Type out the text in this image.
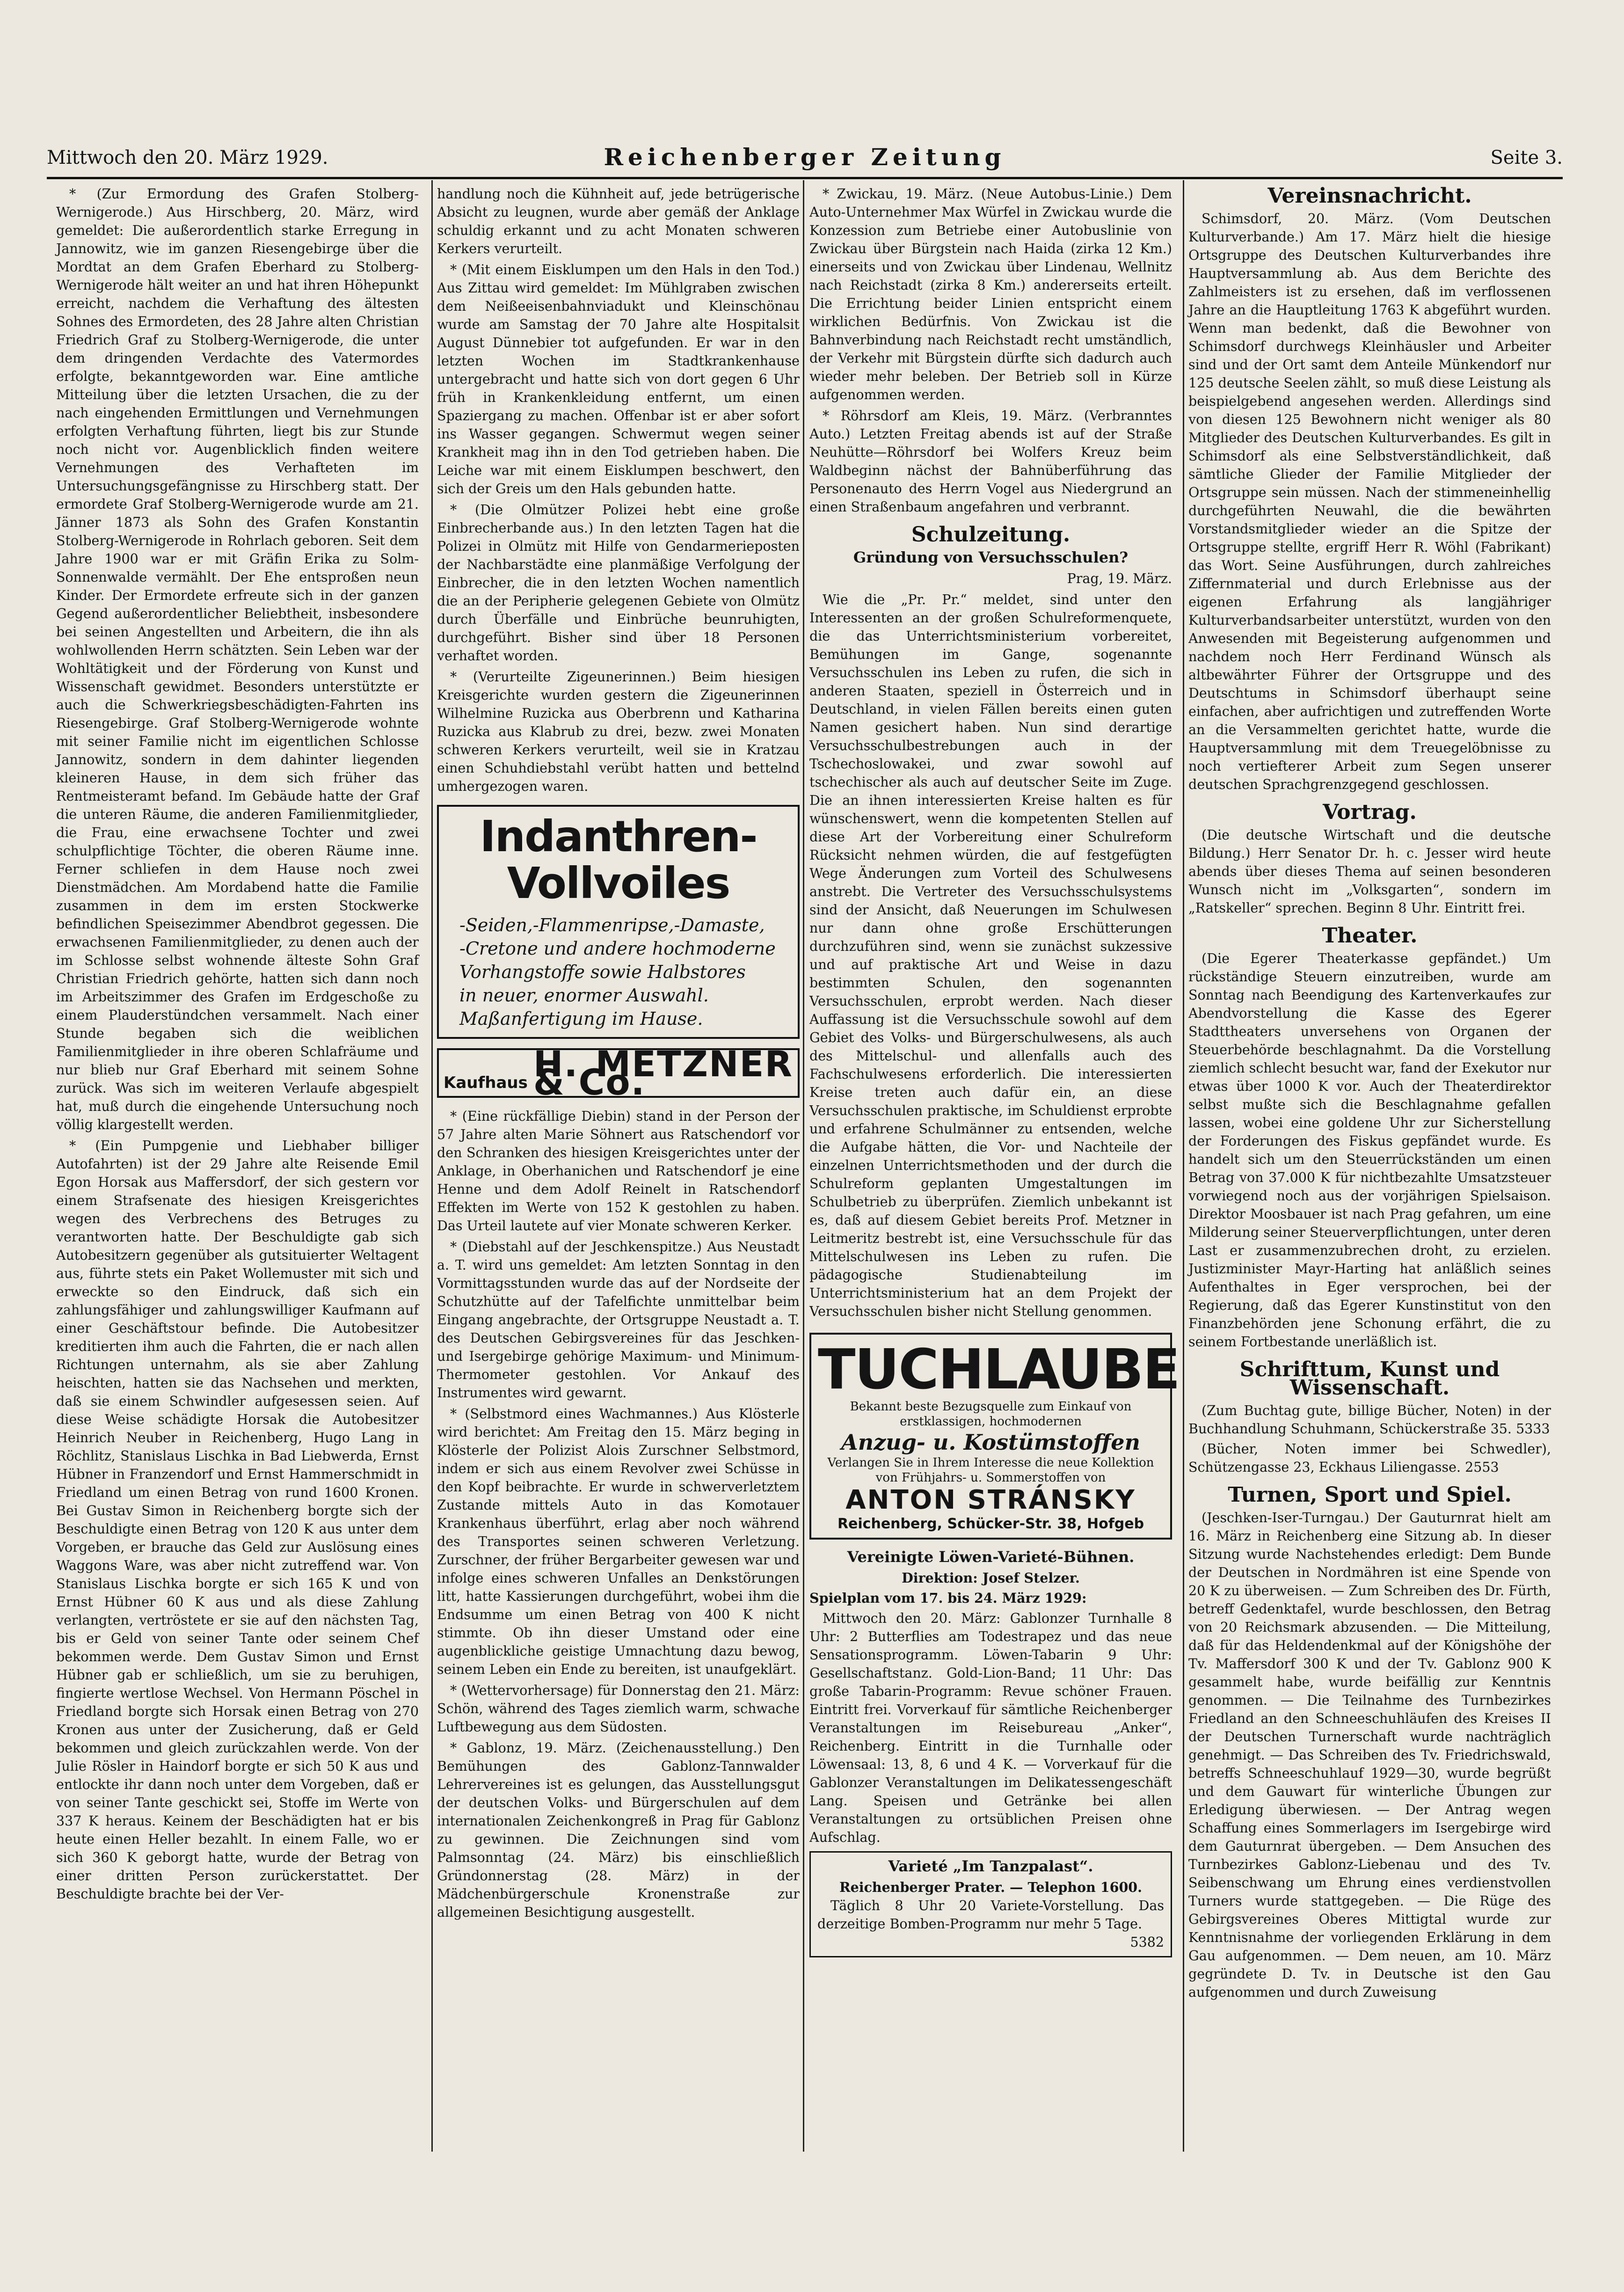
Mittwoch den 20. März 1929.	Reichenberger Zeitung	Seite 3.

* (Zur Ermordung des Grafen Stolberg-Wernigerode.) Aus Hirschberg, 20. März, wird gemeldet: Die außerordentlich starke Erregung in Jannowitz, wie im ganzen Riesengebirge über die Mordtat an dem Grafen Eberhard zu Stolberg-Wernigerode hält weiter an und hat ihren Höhepunkt erreicht, nachdem die Verhaftung des ältesten Sohnes des Ermordeten, des 28 Jahre alten Christian Friedrich Graf zu Stolberg-Wernigerode, die unter dem dringenden Verdachte des Vatermordes erfolgte, bekanntgeworden war. Eine amtliche Mitteilung über die letzten Ursachen, die zu der nach eingehenden Ermittlungen und Vernehmungen erfolgten Verhaftung führten, liegt bis zur Stunde noch nicht vor. Augenblicklich finden weitere Vernehmungen des Verhafteten im Untersuchungsgefängnisse zu Hirschberg statt. Der ermordete Graf Stolberg-Wernigerode wurde am 21. Jänner 1873 als Sohn des Grafen Konstantin Stolberg-Wernigerode in Rohrlach geboren. Seit dem Jahre 1900 war er mit Gräfin Erika zu Solm-Sonnenwalde vermählt. Der Ehe entsproßen neun Kinder. Der Ermordete erfreute sich in der ganzen Gegend außerordentlicher Beliebtheit, insbesondere bei seinen Angestellten und Arbeitern, die ihn als wohlwollenden Herrn schätzten. Sein Leben war der Wohltätigkeit und der Förderung von Kunst und Wissenschaft gewidmet. Besonders unterstützte er auch die Schwerkriegsbeschädigten-Fahrten ins Riesengebirge. Graf Stolberg-Wernigerode wohnte mit seiner Familie nicht im eigentlichen Schlosse Jannowitz, sondern in dem dahinter liegenden kleineren Hause, in dem sich früher das Rentmeisteramt befand. Im Gebäude hatte der Graf die unteren Räume, die anderen Familienmitglieder, die Frau, eine erwachsene Tochter und zwei schulpflichtige Töchter, die oberen Räume inne. Ferner schliefen in dem Hause noch zwei Dienstmädchen. Am Mordabend hatte die Familie zusammen in dem im ersten Stockwerke befindlichen Speisezimmer Abendbrot gegessen. Die erwachsenen Familienmitglieder, zu denen auch der im Schlosse selbst wohnende älteste Sohn Graf Christian Friedrich gehörte, hatten sich dann noch im Arbeitszimmer des Grafen im Erdgeschoße zu einem Plauderstündchen versammelt. Nach einer Stunde begaben sich die weiblichen Familienmitglieder in ihre oberen Schlafräume und nur blieb nur Graf Eberhard mit seinem Sohne zurück. Was sich im weiteren Verlaufe abgespielt hat, muß durch die eingehende Untersuchung noch völlig klargestellt werden.

* (Ein Pumpgenie und Liebhaber billiger Autofahrten) ist der 29 Jahre alte Reisende Emil Egon Horsak aus Maffersdorf, der sich gestern vor einem Strafsenate des hiesigen Kreisgerichtes wegen des Verbrechens des Betruges zu verantworten hatte. Der Beschuldigte gab sich Autobesitzern gegenüber als gutsituierter Weltagent aus, führte stets ein Paket Wollemuster mit sich und erweckte so den Eindruck, daß sich ein zahlungsfähiger und zahlungswilliger Kaufmann auf einer Geschäftstour befinde. Die Autobesitzer kreditierten ihm auch die Fahrten, die er nach allen Richtungen unternahm, als sie aber Zahlung heischten, hatten sie das Nachsehen und merkten, daß sie einem Schwindler aufgesessen seien. Auf diese Weise schädigte Horsak die Autobesitzer Heinrich Neuber in Reichenberg, Hugo Lang in Röchlitz, Stanislaus Lischka in Bad Liebwerda, Ernst Hübner in Franzendorf und Ernst Hammerschmidt in Friedland um einen Betrag von rund 1600 Kronen. Bei Gustav Simon in Reichenberg borgte sich der Beschuldigte einen Betrag von 120 K aus unter dem Vorgeben, er brauche das Geld zur Auslösung eines Waggons Ware, was aber nicht zutreffend war. Von Stanislaus Lischka borgte er sich 165 K und von Ernst Hübner 60 K aus und als diese Zahlung verlangten, vertröstete er sie auf den nächsten Tag, bis er Geld von seiner Tante oder seinem Chef bekommen werde. Dem Gustav Simon und Ernst Hübner gab er schließlich, um sie zu beruhigen, fingierte wertlose Wechsel. Von Hermann Pöschel in Friedland borgte sich Horsak einen Betrag von 270 Kronen aus unter der Zusicherung, daß er Geld bekommen und gleich zurückzahlen werde. Von der Julie Rösler in Haindorf borgte er sich 50 K aus und entlockte ihr dann noch unter dem Vorgeben, daß er von seiner Tante geschickt sei, Stoffe im Werte von 337 K heraus. Keinem der Beschädigten hat er bis heute einen Heller bezahlt. In einem Falle, wo er sich 360 K geborgt hatte, wurde der Betrag von einer dritten Person zurückerstattet. Der Beschuldigte brachte bei der Ver-

handlung noch die Kühnheit auf, jede betrügerische Absicht zu leugnen, wurde aber gemäß der Anklage schuldig erkannt und zu acht Monaten schweren Kerkers verurteilt.

* (Mit einem Eisklumpen um den Hals in den Tod.) Aus Zittau wird gemeldet: Im Mühlgraben zwischen dem Neißeeisenbahnviadukt und Kleinschönau wurde am Samstag der 70 Jahre alte Hospitalsit August Dünnebier tot aufgefunden. Er war in den letzten Wochen im Stadtkrankenhause untergebracht und hatte sich von dort gegen 6 Uhr früh in Krankenkleidung entfernt, um einen Spaziergang zu machen. Offenbar ist er aber sofort ins Wasser gegangen. Schwermut wegen seiner Krankheit mag ihn in den Tod getrieben haben. Die Leiche war mit einem Eisklumpen beschwert, den sich der Greis um den Hals gebunden hatte.

* (Die Olmützer Polizei hebt eine große Einbrecherbande aus.) In den letzten Tagen hat die Polizei in Olmütz mit Hilfe von Gendarmerieposten der Nachbarstädte eine planmäßige Verfolgung der Einbrecher, die in den letzten Wochen namentlich die an der Peripherie gelegenen Gebiete von Olmütz durch Überfälle und Einbrüche beunruhigten, durchgeführt. Bisher sind über 18 Personen verhaftet worden.

* (Verurteilte Zigeunerinnen.) Beim hiesigen Kreisgerichte wurden gestern die Zigeunerinnen Wilhelmine Ruzicka aus Oberbrenn und Katharina Ruzicka aus Klabrub zu drei, bezw. zwei Monaten schweren Kerkers verurteilt, weil sie in Kratzau einen Schuhdiebstahl verübt hatten und bettelnd umhergezogen waren.

Indanthren-Vollvoiles
-Seiden,-Flammenripse,-Damaste,
-Cretone und andere hochmoderne
Vorhangstoffe sowie Halbstores
in neuer, enormer Auswahl.
Maßanfertigung im Hause.
Kaufhaus H. METZNER & Co.

* (Eine rückfällige Diebin) stand in der Person der 57 Jahre alten Marie Söhnert aus Ratschendorf vor den Schranken des hiesigen Kreisgerichtes unter der Anklage, in Oberhanichen und Ratschendorf je eine Henne und dem Adolf Reinelt in Ratschendorf Effekten im Werte von 152 K gestohlen zu haben. Das Urteil lautete auf vier Monate schweren Kerker.

* (Diebstahl auf der Jeschkenspitze.) Aus Neustadt a. T. wird uns gemeldet: Am letzten Sonntag in den Vormittagsstunden wurde das auf der Nordseite der Schutzhütte auf der Tafelfichte unmittelbar beim Eingang angebrachte, der Ortsgruppe Neustadt a. T. des Deutschen Gebirgsvereines für das Jeschken- und Isergebirge gehörige Maximum- und Minimum-Thermometer gestohlen. Vor Ankauf des Instrumentes wird gewarnt.

* (Selbstmord eines Wachmannes.) Aus Klösterle wird berichtet: Am Freitag den 15. März beging in Klösterle der Polizist Alois Zurschner Selbstmord, indem er sich aus einem Revolver zwei Schüsse in den Kopf beibrachte. Er wurde in schwerverletztem Zustande mittels Auto in das Komotauer Krankenhaus überführt, erlag aber noch während des Transportes seinen schweren Verletzung. Zurschner, der früher Bergarbeiter gewesen war und infolge eines schweren Unfalles an Denkstörungen litt, hatte Kassierungen durchgeführt, wobei ihm die Endsumme um einen Betrag von 400 K nicht stimmte. Ob ihn dieser Umstand oder eine augenblickliche geistige Umnachtung dazu bewog, seinem Leben ein Ende zu bereiten, ist unaufgeklärt.

* (Wettervorhersage) für Donnerstag den 21. März: Schön, während des Tages ziemlich warm, schwache Luftbewegung aus dem Südosten.

* Gablonz, 19. März. (Zeichenausstellung.) Den Bemühungen des Gablonz-Tannwalder Lehrervereines ist es gelungen, das Ausstellungsgut der deutschen Volks- und Bürgerschulen auf dem internationalen Zeichenkongreß in Prag für Gablonz zu gewinnen. Die Zeichnungen sind vom Palmsonntag (24. März) bis einschließlich Gründonnerstag (28. März) in der Mädchenbürgerschule Kronenstraße zur allgemeinen Besichtigung ausgestellt.

* Zwickau, 19. März. (Neue Autobus-Linie.) Dem Auto-Unternehmer Max Würfel in Zwickau wurde die Konzession zum Betriebe einer Autobuslinie von Zwickau über Bürgstein nach Haida (zirka 12 Km.) einerseits und von Zwickau über Lindenau, Wellnitz nach Reichstadt (zirka 8 Km.) andererseits erteilt. Die Errichtung beider Linien entspricht einem wirklichen Bedürfnis. Von Zwickau ist die Bahnverbindung nach Reichstadt recht umständlich, der Verkehr mit Bürgstein dürfte sich dadurch auch wieder mehr beleben. Der Betrieb soll in Kürze aufgenommen werden.

* Röhrsdorf am Kleis, 19. März. (Verbranntes Auto.) Letzten Freitag abends ist auf der Straße Neuhütte—Röhrsdorf bei Wolfers Kreuz beim Waldbeginn nächst der Bahnüberführung das Personenauto des Herrn Vogel aus Niedergrund an einen Straßenbaum angefahren und verbrannt.

Schulzeitung.
Gründung von Versuchsschulen?
Prag, 19. März.

Wie die „Pr. Pr.“ meldet, sind unter den Interessenten an der großen Schulreformenquete, die das Unterrichtsministerium vorbereitet, Bemühungen im Gange, sogenannte Versuchsschulen ins Leben zu rufen, die sich in anderen Staaten, speziell in Österreich und in Deutschland, in vielen Fällen bereits einen guten Namen gesichert haben. Nun sind derartige Versuchsschulbestrebungen auch in der Tschechoslowakei, und zwar sowohl auf tschechischer als auch auf deutscher Seite im Zuge. Die an ihnen interessierten Kreise halten es für wünschenswert, wenn die kompetenten Stellen auf diese Art der Vorbereitung einer Schulreform Rücksicht nehmen würden, die auf festgefügten Wege Änderungen zum Vorteil des Schulwesens anstrebt. Die Vertreter des Versuchsschulsystems sind der Ansicht, daß Neuerungen im Schulwesen nur dann ohne große Erschütterungen durchzuführen sind, wenn sie zunächst sukzessive und auf praktische Art und Weise in dazu bestimmten Schulen, den sogenannten Versuchsschulen, erprobt werden. Nach dieser Auffassung ist die Versuchsschule sowohl auf dem Gebiet des Volks- und Bürgerschulwesens, als auch des Mittelschul- und allenfalls auch des Fachschulwesens erforderlich. Die interessierten Kreise treten auch dafür ein, an diese Versuchsschulen praktische, im Schuldienst erprobte und erfahrene Schulmänner zu entsenden, welche die Aufgabe hätten, die Vor- und Nachteile der einzelnen Unterrichtsmethoden und der durch die Schulreform geplanten Umgestaltungen im Schulbetrieb zu überprüfen. Ziemlich unbekannt ist es, daß auf diesem Gebiet bereits Prof. Metzner in Leitmeritz bestrebt ist, eine Versuchsschule für das Mittelschulwesen ins Leben zu rufen. Die pädagogische Studienabteilung im Unterrichtsministerium hat an dem Projekt der Versuchsschulen bisher nicht Stellung genommen.

TUCHLAUBE
Bekannt beste Bezugsquelle zum Einkauf von erstklassigen, hochmodernen
Anzug- u. Kostümstoffen
Verlangen Sie in Ihrem Interesse die neue Kollektion von Frühjahrs- u. Sommerstoffen von
ANTON STRÁNSKY
Reichenberg, Schücker-Str. 38, Hofgeb
Vereinigte Löwen-Varieté-Bühnen.
Direktion: Josef Stelzer.
Spielplan vom 17. bis 24. März 1929:

Mittwoch den 20. März: Gablonzer Turnhalle 8 Uhr: 2 Butterflies am Todestrapez und das neue Sensationsprogramm. Löwen-Tabarin 9 Uhr: Gesellschaftstanz. Gold-Lion-Band; 11 Uhr: Das große Tabarin-Programm: Revue schöner Frauen. Eintritt frei. Vorverkauf für sämtliche Reichenberger Veranstaltungen im Reisebureau „Anker“, Reichenberg. Eintritt in die Turnhalle oder Löwensaal: 13, 8, 6 und 4 K. — Vorverkauf für die Gablonzer Veranstaltungen im Delikatessengeschäft Lang. Speisen und Getränke bei allen Veranstaltungen zu ortsüblichen Preisen ohne Aufschlag.

Varieté „Im Tanzpalast“.
Reichenberger Prater. — Telephon 1600.

Täglich 8 Uhr 20 Variete-Vorstellung. Das derzeitige Bomben-Programm nur mehr 5 Tage.

5382
Vereinsnachricht.

Schimsdorf, 20. März. (Vom Deutschen Kulturverbande.) Am 17. März hielt die hiesige Ortsgruppe des Deutschen Kulturverbandes ihre Hauptversammlung ab. Aus dem Berichte des Zahlmeisters ist zu ersehen, daß im verflossenen Jahre an die Hauptleitung 1763 K abgeführt wurden. Wenn man bedenkt, daß die Bewohner von Schimsdorf durchwegs Kleinhäusler und Arbeiter sind und der Ort samt dem Anteile Münkendorf nur 125 deutsche Seelen zählt, so muß diese Leistung als beispielgebend angesehen werden. Allerdings sind von diesen 125 Bewohnern nicht weniger als 80 Mitglieder des Deutschen Kulturverbandes. Es gilt in Schimsdorf als eine Selbstverständlichkeit, daß sämtliche Glieder der Familie Mitglieder der Ortsgruppe sein müssen. Nach der stimmeneinhellig durchgeführten Neuwahl, die die bewährten Vorstandsmitglieder wieder an die Spitze der Ortsgruppe stellte, ergriff Herr R. Wöhl (Fabrikant) das Wort. Seine Ausführungen, durch zahlreiches Ziffernmaterial und durch Erlebnisse aus der eigenen Erfahrung als langjähriger Kulturverbandsarbeiter unterstützt, wurden von den Anwesenden mit Begeisterung aufgenommen und nachdem noch Herr Ferdinand Wünsch als altbewährter Führer der Ortsgruppe und des Deutschtums in Schimsdorf überhaupt seine einfachen, aber aufrichtigen und zutreffenden Worte an die Versammelten gerichtet hatte, wurde die Hauptversammlung mit dem Treuegelöbnisse zu noch vertiefterer Arbeit zum Segen unserer deutschen Sprachgrenzgegend geschlossen.

Vortrag.

(Die deutsche Wirtschaft und die deutsche Bildung.) Herr Senator Dr. h. c. Jesser wird heute abends über dieses Thema auf seinen besonderen Wunsch nicht im „Volksgarten“, sondern im „Ratskeller“ sprechen. Beginn 8 Uhr. Eintritt frei.

Theater.

(Die Egerer Theaterkasse gepfändet.) Um rückständige Steuern einzutreiben, wurde am Sonntag nach Beendigung des Kartenverkaufes zur Abendvorstellung die Kasse des Egerer Stadttheaters unversehens von Organen der Steuerbehörde beschlagnahmt. Da die Vorstellung ziemlich schlecht besucht war, fand der Exekutor nur etwas über 1000 K vor. Auch der Theaterdirektor selbst mußte sich die Beschlagnahme gefallen lassen, wobei eine goldene Uhr zur Sicherstellung der Forderungen des Fiskus gepfändet wurde. Es handelt sich um den Steuerrückständen um einen Betrag von 37.000 K für nichtbezahlte Umsatzsteuer vorwiegend noch aus der vorjährigen Spielsaison. Direktor Moosbauer ist nach Prag gefahren, um eine Milderung seiner Steuerverpflichtungen, unter deren Last er zusammenzubrechen droht, zu erzielen. Justizminister Mayr-Harting hat anläßlich seines Aufenthaltes in Eger versprochen, bei der Regierung, daß das Egerer Kunstinstitut von den Finanzbehörden jene Schonung erfährt, die zu seinem Fortbestande unerläßlich ist.

Schrifttum, Kunst und Wissenschaft.

(Zum Buchtag gute, billige Bücher, Noten) in der Buchhandlung Schuhmann, Schückerstraße 35. 5333

(Bücher, Noten immer bei Schwedler), Schützengasse 23, Eckhaus Liliengasse. 2553

Turnen, Sport und Spiel.

(Jeschken-Iser-Turngau.) Der Gauturnrat hielt am 16. März in Reichenberg eine Sitzung ab. In dieser Sitzung wurde Nachstehendes erledigt: Dem Bunde der Deutschen in Nordmähren ist eine Spende von 20 K zu überweisen. — Zum Schreiben des Dr. Fürth, betreff Gedenktafel, wurde beschlossen, den Betrag von 20 Reichsmark abzusenden. — Die Mitteilung, daß für das Heldendenkmal auf der Königshöhe der Tv. Maffersdorf 300 K und der Tv. Gablonz 900 K gesammelt habe, wurde beifällig zur Kenntnis genommen. — Die Teilnahme des Turnbezirkes Friedland an den Schneeschuhläufen des Kreises II der Deutschen Turnerschaft wurde nachträglich genehmigt. — Das Schreiben des Tv. Friedrichswald, betreffs Schneeschuhlauf 1929—30, wurde begrüßt und dem Gauwart für winterliche Übungen zur Erledigung überwiesen. — Der Antrag wegen Schaffung eines Sommerlagers im Isergebirge wird dem Gauturnrat übergeben. — Dem Ansuchen des Turnbezirkes Gablonz-Liebenau und des Tv. Seibenschwang um Ehrung eines verdienstvollen Turners wurde stattgegeben. — Die Rüge des Gebirgsvereines Oberes Mittigtal wurde zur Kenntnisnahme der vorliegenden Erklärung in dem Gau aufgenommen. — Dem neuen, am 10. März gegründete D. Tv. in Deutsche ist den Gau aufgenommen und durch Zuweisung
